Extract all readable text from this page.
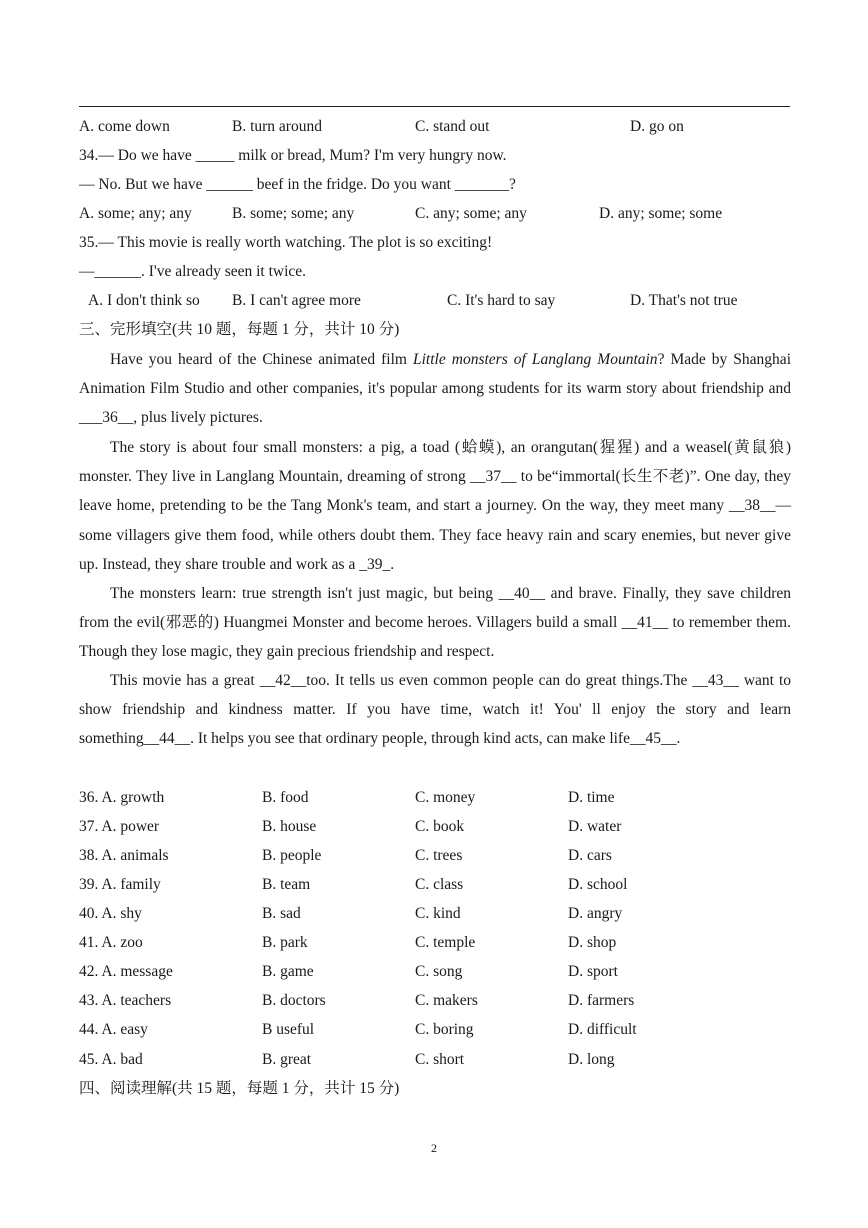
A. come down	B. turn around	C. stand out	D. go on
34.— Do we have _____ milk or bread, Mum? I'm very hungry now.
— No. But we have ______ beef in the fridge. Do you want _______?
A. some; any; any	B. some; some; any	C. any; some; any	D. any; some; some
35.— This movie is really worth watching. The plot is so exciting!
—______. I've already seen it twice.
A. I don't think so B. I can't agree more	C. It's hard to say	D. That's not true
三、完形填空(共 10 题，每题 1 分，共计 10 分)
Have you heard of the Chinese animated film Little monsters of Langlang Mountain? Made by Shanghai Animation Film Studio and other companies, it's popular among students for its warm story about friendship and ___36__, plus lively pictures.
The story is about four small monsters: a pig, a toad (蛤蟆), an orangutan(猩猩) and a weasel(黄鼠狼) monster. They live in Langlang Mountain, dreaming of strong __37__ to be“immortal(长生不老)”. One day, they leave home, pretending to be the Tang Monk's team, and start a journey. On the way, they meet many __38__— some villagers give them food, while others doubt them. They face heavy rain and scary enemies, but never give up. Instead, they share trouble and work as a _39_.
The monsters learn: true strength isn't just magic, but being __40__ and brave. Finally, they save children from the evil(邪恶的) Huangmei Monster and become heroes. Villagers build a small __41__ to remember them. Though they lose magic, they gain precious friendship and respect.
This movie has a great __42__too. It tells us even common people can do great things.The __43__ want to show friendship and kindness matter. If you have time, watch it! You' ll enjoy the story and learn something__44__. It helps you see that ordinary people, through kind acts, can make life__45__.
36. A. growth	B. food	C. money	D. time
37. A. power	B. house	C. book	D. water
38. A. animals	B. people	C. trees	D. cars
39. A. family	B. team	C. class	D. school
40. A. shy	B. sad	C. kind	D. angry
41. A. zoo	B. park	C. temple	D. shop
42. A. message	B. game	C. song	D. sport
43. A. teachers	B. doctors	C. makers	D. farmers
44. A. easy	B useful	C. boring	D. difficult
45. A. bad	B. great	C. short	D. long
四、阅读理解(共 15 题，每题 1 分，共计 15 分)
2
